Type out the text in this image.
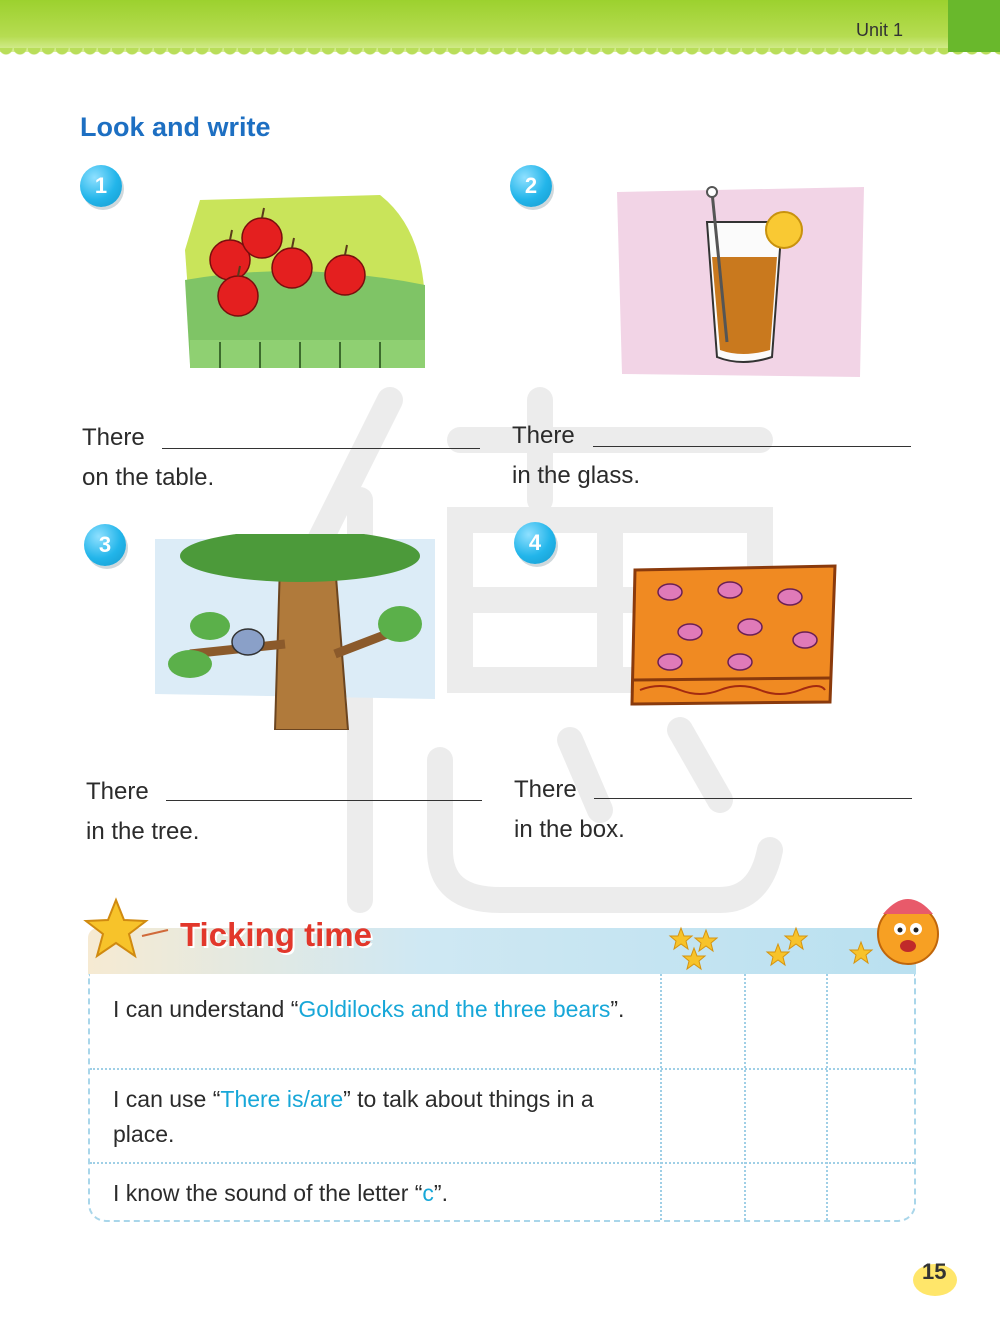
Unit 1
Look and write
1
There
on the table.
2
There
in the glass.
3
There
in the tree.
4
There
in the box.
Ticking time
I can understand “Goldilocks and the three bears”.
I can use “There is/are” to talk about things in a place.
I know the sound of the letter “c”.
15
